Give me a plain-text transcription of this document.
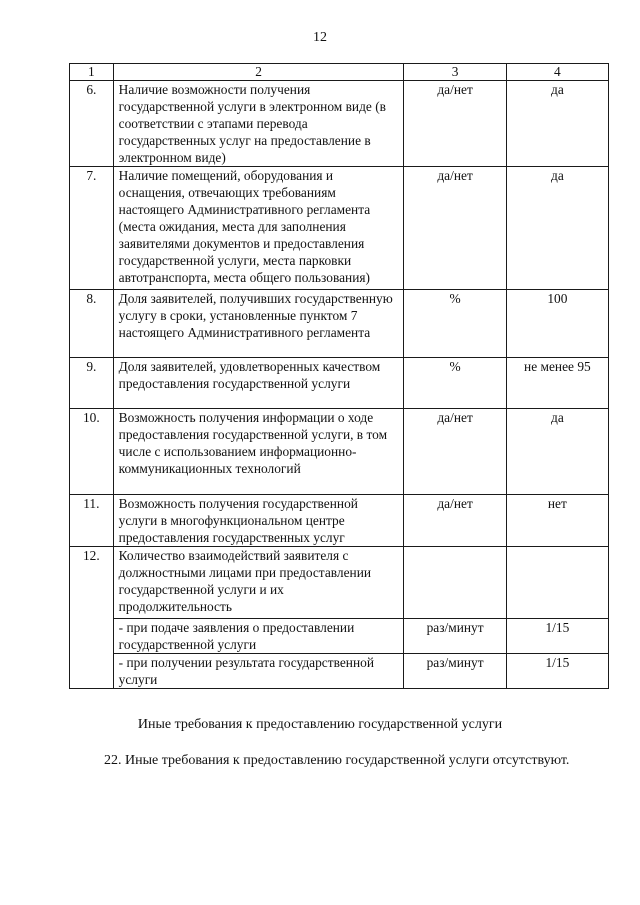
12
1	2	3	4
6.	Наличие возможности получения государственной услуги в электронном виде (в соответствии с этапами перевода государственных услуг на предоставление в электронном виде)	да/нет	да
7.	Наличие помещений, оборудования и оснащения, отвечающих требованиям настоящего Административного регламента (места ожидания, места для заполнения заявителями документов и предоставления государственной услуги, места парковки автотранспорта, места общего пользования)	да/нет	да
8.	Доля заявителей, получивших государственную услугу в сроки, установленные пунктом 7 настоящего Административного регламента	%	100
9.	Доля заявителей, удовлетворенных качеством предоставления государственной услуги	%	не менее 95
10.	Возможность получения информации о ходе предоставления государственной услуги, в том числе с использованием информационно-коммуникационных технологий	да/нет	да
11.	Возможность получения государственной услуги в многофункциональном центре предоставления государственных услуг	да/нет	нет
12.	Количество взаимодействий заявителя с должностными лицами при предоставлении государственной услуги и их продолжительность		
	- при подаче заявления о предоставлении государственной услуги	раз/минут	1/15
	- при получении результата государственной услуги	раз/минут	1/15
Иные требования к предоставлению государственной услуги
22. Иные требования к предоставлению государственной услуги отсутствуют.
